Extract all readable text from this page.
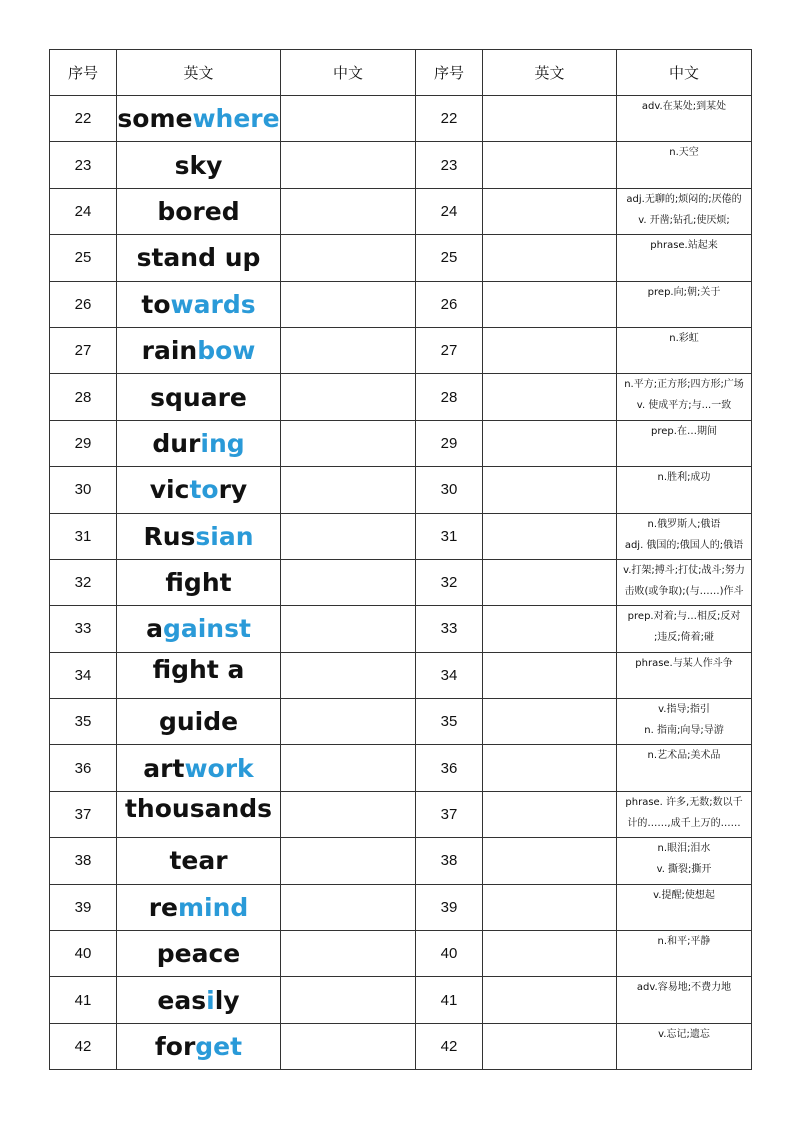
序号	英文	中文	序号	英文	中文
22	somewhere		22		adv.在某处;到某处

23	sky		23		n.天空

24	bored		24		adj.无聊的;烦闷的;厌倦的
v. 开凿;钻孔;使厌烦;

25	stand up		25		phrase.站起来

26	towards		26		prep.向;朝;关于

27	rainbow		27		n.彩虹

28	square		28		n.平方;正方形;四方形;广场
v. 使成平方;与...一致

29	during		29		prep.在…期间

30	victory		30		n.胜利;成功

31	Russian		31		n.俄罗斯人;俄语
adj. 俄国的;俄国人的;俄语

32	fight		32		v.打架;搏斗;打仗;战斗;努力
击败(或争取);(与……)作斗

33	against		33		prep.对着;与…相反;反对
;违反;倚着;碰

34	fight a		34		phrase.与某人作斗争

35	guide		35		v.指导;指引
n. 指南;向导;导游

36	artwork		36		n.艺术品;美术品

37	thousands		37		phrase. 许多,无数;数以千
计的……,成千上万的……

38	tear		38		n.眼泪;泪水
v. 撕裂;撕开

39	remind		39		v.提醒;使想起

40	peace		40		n.和平;平静

41	easily		41		adv.容易地;不费力地

42	forget		42		v.忘记;遗忘
